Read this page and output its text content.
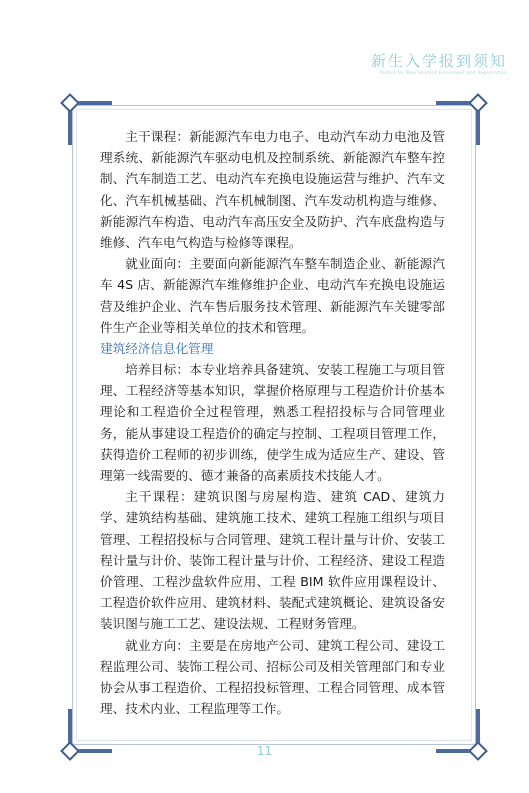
新生入学报到须知
Notice for New Student Enrollment and Registration

主干课程：新能源汽车电力电子、电动汽车动力电池及管理系统、新能源汽车驱动电机及控制系统、新能源汽车整车控制、汽车制造工艺、电动汽车充换电设施运营与维护、汽车文化、汽车机械基础、汽车机械制图、汽车发动机构造与维修、新能源汽车构造、电动汽车高压安全及防护、汽车底盘构造与维修、汽车电气构造与检修等课程。

就业面向：主要面向新能源汽车整车制造企业、新能源汽车 4S 店、新能源汽车维修维护企业、电动汽车充换电设施运营及维护企业、汽车售后服务技术管理、新能源汽车关键零部件生产企业等相关单位的技术和管理。

建筑经济信息化管理

培养目标：本专业培养具备建筑、安装工程施工与项目管理、工程经济等基本知识，掌握价格原理与工程造价计价基本理论和工程造价全过程管理，熟悉工程招投标与合同管理业务，能从事建设工程造价的确定与控制、工程项目管理工作，获得造价工程师的初步训练，使学生成为适应生产、建设、管理第一线需要的、德才兼备的高素质技术技能人才。

主干课程：建筑识图与房屋构造、建筑 CAD、建筑力学、建筑结构基础、建筑施工技术、建筑工程施工组织与项目管理、工程招投标与合同管理、建筑工程计量与计价、安装工程计量与计价、装饰工程计量与计价、工程经济、建设工程造价管理、工程沙盘软件应用、工程 BIM 软件应用课程设计、工程造价软件应用、建筑材料、装配式建筑概论、建筑设备安装识图与施工工艺、建设法规、工程财务管理。

就业方向：主要是在房地产公司、建筑工程公司、建设工程监理公司、装饰工程公司、招标公司及相关管理部门和专业协会从事工程造价、工程招投标管理、工程合同管理、成本管理、技术内业、工程监理等工作。

11
